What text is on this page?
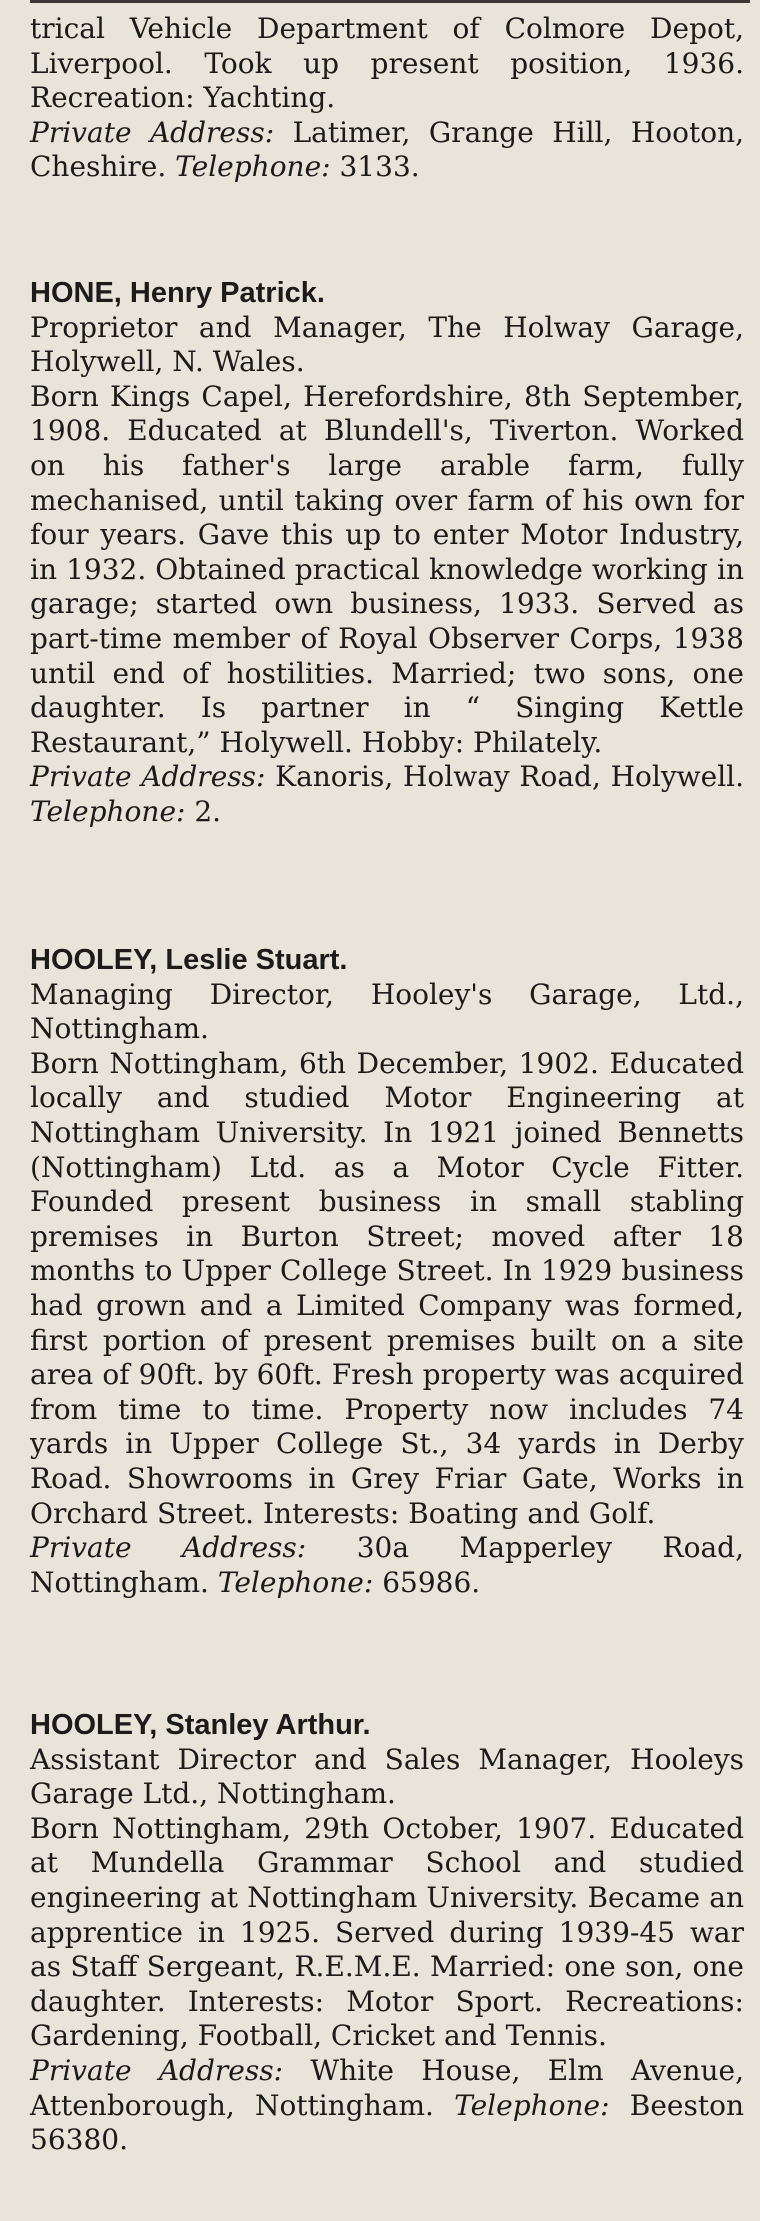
trical Vehicle Department of Colmore Depot, Liverpool. Took up present position, 1936. Recreation: Yachting.

Private Address: Latimer, Grange Hill, Hooton, Cheshire. Telephone: 3133.

HONE, Henry Patrick.

Proprietor and Manager, The Holway Garage, Holywell, N. Wales.

Born Kings Capel, Herefordshire, 8th September, 1908. Educated at Blundell's, Tiverton. Worked on his father's large arable farm, fully mechanised, until taking over farm of his own for four years. Gave this up to enter Motor Industry, in 1932. Obtained practical knowledge working in garage; started own business, 1933. Served as part-time member of Royal Observer Corps, 1938 until end of hostilities. Married; two sons, one daughter. Is partner in “ Singing Kettle Restaurant,” Holywell. Hobby: Philately.

Private Address: Kanoris, Holway Road, Holywell. Telephone: 2.

HOOLEY, Leslie Stuart.

Managing Director, Hooley's Garage, Ltd., Nottingham.

Born Nottingham, 6th December, 1902. Educated locally and studied Motor Engineering at Nottingham University. In 1921 joined Bennetts (Nottingham) Ltd. as a Motor Cycle Fitter. Founded present business in small stabling premises in Burton Street; moved after 18 months to Upper College Street. In 1929 business had grown and a Limited Company was formed, first portion of present premises built on a site area of 90ft. by 60ft. Fresh property was acquired from time to time. Property now includes 74 yards in Upper College St., 34 yards in Derby Road. Showrooms in Grey Friar Gate, Works in Orchard Street. Interests: Boating and Golf.

Private Address: 30a Mapperley Road, Nottingham. Telephone: 65986.

HOOLEY, Stanley Arthur.

Assistant Director and Sales Manager, Hooleys Garage Ltd., Nottingham.

Born Nottingham, 29th October, 1907. Educated at Mundella Grammar School and studied engineering at Nottingham University. Became an apprentice in 1925. Served during 1939-45 war as Staff Sergeant, R.E.M.E. Married: one son, one daughter. Interests: Motor Sport. Recreations: Gardening, Football, Cricket and Tennis.

Private Address: White House, Elm Avenue, Attenborough, Nottingham. Telephone: Beeston 56380.
